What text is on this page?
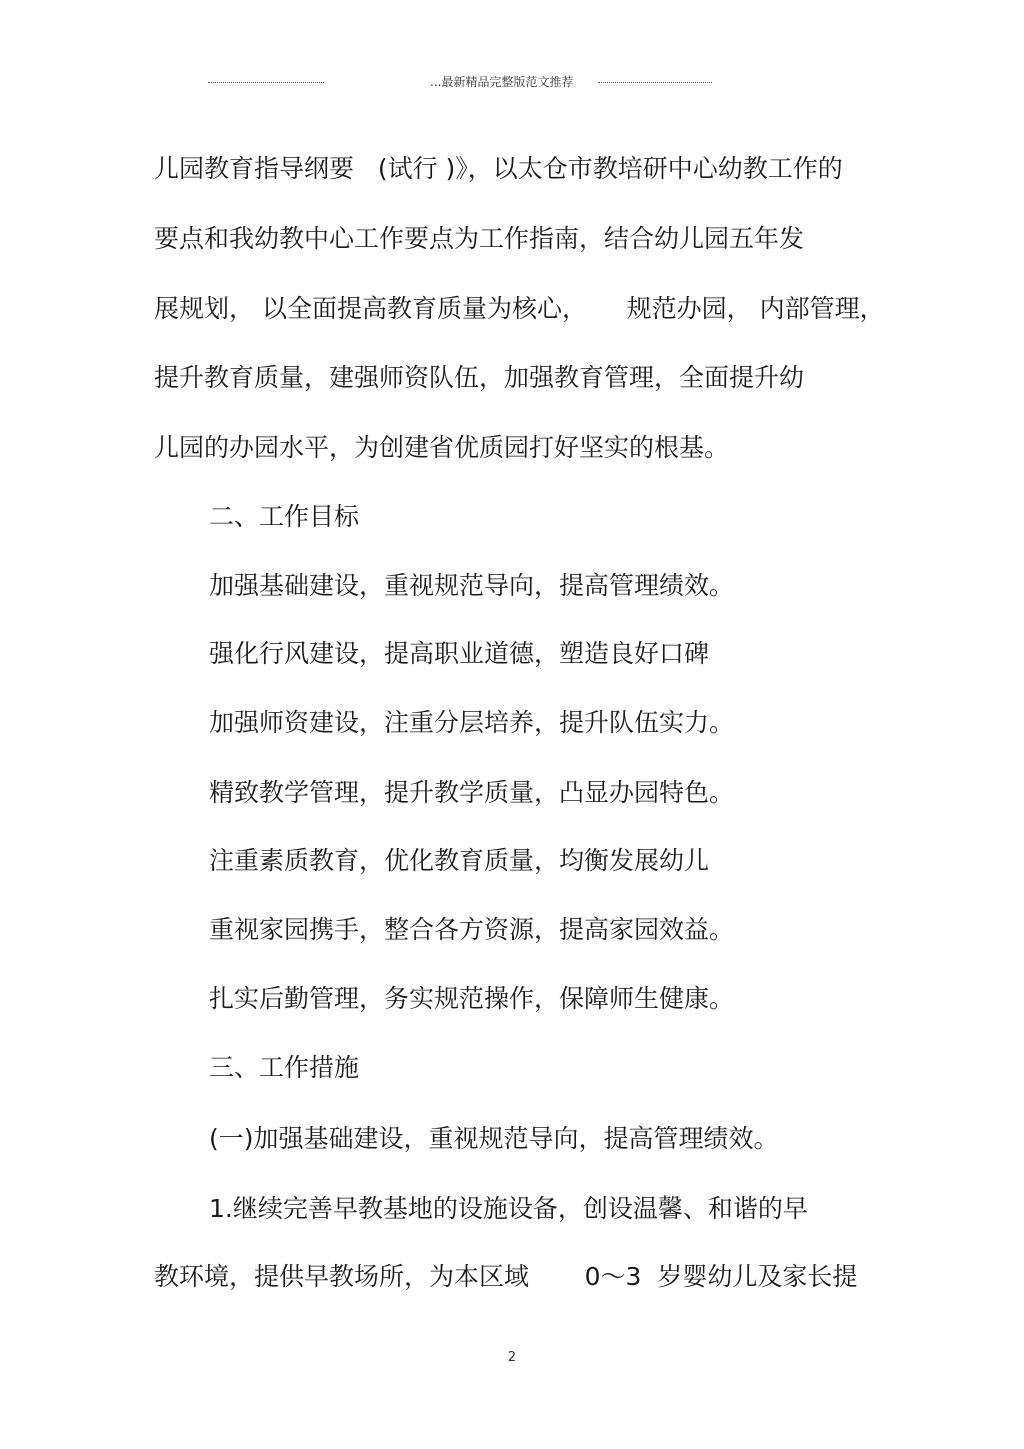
...最新精品完整版范文推荐
儿园教育指导纲要   (试行 )》，以太仓市教培研中心幼教工作的
要点和我幼教中心工作要点为工作指南，结合幼儿园五年发
展规划， 以全面提高教育质量为核心，     规范办园， 内部管理，
提升教育质量，建强师资队伍，加强教育管理，全面提升幼
儿园的办园水平，为创建省优质园打好坚实的根基。
二、工作目标
加强基础建设，重视规范导向，提高管理绩效。
强化行风建设，提高职业道德，塑造良好口碑
加强师资建设，注重分层培养，提升队伍实力。
精致教学管理，提升教学质量，凸显办园特色。
注重素质教育，优化教育质量，均衡发展幼儿
重视家园携手，整合各方资源，提高家园效益。
扎实后勤管理，务实规范操作，保障师生健康。
三、工作措施
(一)加强基础建设，重视规范导向，提高管理绩效。
1.继续完善早教基地的设施设备，创设温馨、和谐的早
教环境，提供早教场所，为本区域       0～3  岁婴幼儿及家长提
2
